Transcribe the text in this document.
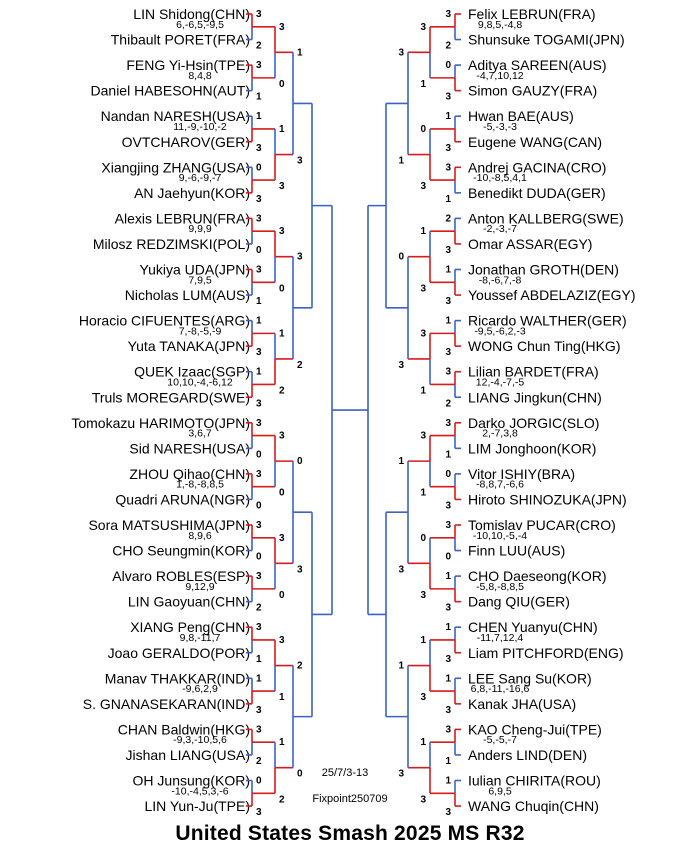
LIN Shidong(CHN)
Thibault PORET(FRA)
FENG Yi-Hsin(TPE)
Daniel HABESOHN(AUT)
Nandan NARESH(USA)
OVTCHAROV(GER)
Xiangjing ZHANG(USA)
AN Jaehyun(KOR)
Alexis LEBRUN(FRA)
Milosz REDZIMSKI(POL)
Yukiya UDA(JPN)
Nicholas LUM(AUS)
Horacio CIFUENTES(ARG)
Yuta TANAKA(JPN)
QUEK Izaac(SGP)
Truls MOREGARD(SWE)
Tomokazu HARIMOTO(JPN)
Sid NARESH(USA)
ZHOU Qihao(CHN)
Quadri ARUNA(NGR)
Sora MATSUSHIMA(JPN)
CHO Seungmin(KOR)
Alvaro ROBLES(ESP)
LIN Gaoyuan(CHN)
XIANG Peng(CHN)
Joao GERALDO(POR)
Manav THAKKAR(IND)
S. GNANASEKARAN(IND)
CHAN Baldwin(HKG)
Jishan LIANG(USA)
OH Junsung(KOR)
LIN Yun-Ju(TPE)
3
2
6,-6,5,-9,5
3
1
8,4,8
1
3
11,-9,-10,-2
0
3
9,-6,-9,-7
3
0
9,9,9
3
1
7,9,5
1
3
7,-8,-5,-9
1
3
10,10,-4,-6,12
3
0
3,6,7
3
0
1,-8,-8,8,5
3
0
8,9,6
3
2
9,12,9
3
1
9,8,-11,7
1
3
-9,6,2,9
3
2
-9,3,-10,5,6
0
3
-10,-4,5,3,-6
3
0
1
3
3
0
1
2
3
0
3
0
3
1
1
2
1
3
3
2
0
3
2
0
Felix LEBRUN(FRA)
Shunsuke TOGAMI(JPN)
Aditya SAREEN(AUS)
Simon GAUZY(FRA)
Hwan BAE(AUS)
Eugene WANG(CAN)
Andrej GACINA(CRO)
Benedikt DUDA(GER)
Anton KALLBERG(SWE)
Omar ASSAR(EGY)
Jonathan GROTH(DEN)
Youssef ABDELAZIZ(EGY)
Ricardo WALTHER(GER)
WONG Chun Ting(HKG)
Lilian BARDET(FRA)
LIANG Jingkun(CHN)
Darko JORGIC(SLO)
LIM Jonghoon(KOR)
Vitor ISHIY(BRA)
Hiroto SHINOZUKA(JPN)
Tomislav PUCAR(CRO)
Finn LUU(AUS)
CHO Daeseong(KOR)
Dang QIU(GER)
CHEN Yuanyu(CHN)
Liam PITCHFORD(ENG)
LEE Sang Su(KOR)
Kanak JHA(USA)
KAO Cheng-Jui(TPE)
Anders LIND(DEN)
Iulian CHIRITA(ROU)
WANG Chuqin(CHN)
3
2
9,8,5,-4,8
0
3
-4,7,10,12
1
3
-5,-3,-3
3
1
-10,-8,5,4,1
2
3
-2,-3,-7
1
3
-8,-6,7,-8
1
3
-9,5,-6,2,-3
3
2
12,-4,-7,-5
3
1
2,-7,3,8
0
3
-8,8,7,-6,6
3
0
-10,10,-5,-4
1
3
-5,8,-8,8,5
1
3
-11,7,12,4
1
3
6,8,-11,-16,6
3
1
-5,-5,-7
1
3
6,9,5
3
1
0
3
1
3
3
1
3
1
0
3
1
3
1
3
3
1
0
3
1
3
1
3
25/7/3-13
Fixpoint250709
United States Smash 2025 MS R32
